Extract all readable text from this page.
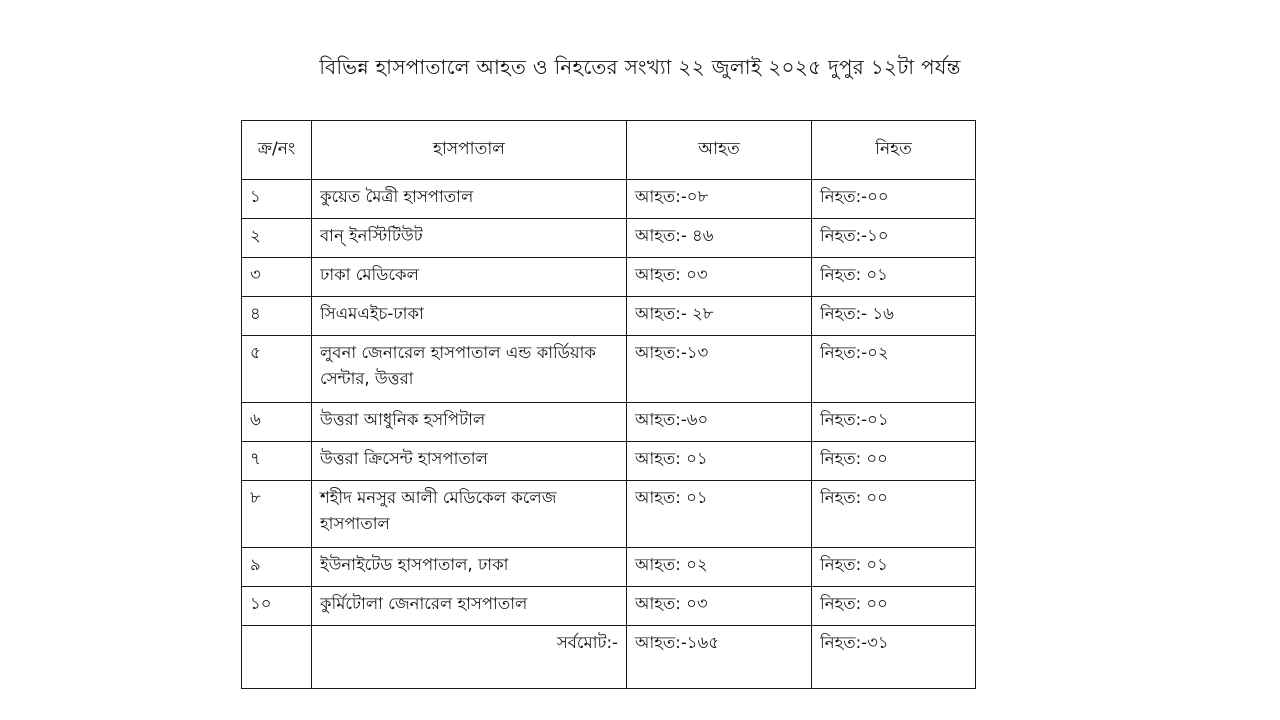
বিভিন্ন হাসপাতালে আহত ও নিহতের সংখ্যা ২২ জুলাই ২০২৫ দুপুর ১২টা পর্যন্ত
ক্র/নং	হাসপাতাল	আহত	নিহত
১	কুয়েত মৈত্রী হাসপাতাল	আহত:-০৮	নিহত:-০০
২	বান্ ইনস্টিটিউট	আহত:- ৪৬	নিহত:-১০
৩	ঢাকা মেডিকেল	আহত: ০৩	নিহত: ০১
৪	সিএমএইচ-ঢাকা	আহত:- ২৮	নিহত:- ১৬
৫	লুবনা জেনারেল হাসপাতাল এন্ড কার্ডিয়াক সেন্টার, উত্তরা	আহত:-১৩	নিহত:-০২
৬	উত্তরা আধুনিক হসপিটাল	আহত:-৬০	নিহত:-০১
৭	উত্তরা ক্রিসেন্ট হাসপাতাল	আহত: ০১	নিহত: ০০
৮	শহীদ মনসুর আলী মেডিকেল কলেজ হাসপাতাল	আহত: ০১	নিহত: ০০
৯	ইউনাইটেড হাসপাতাল, ঢাকা	আহত: ০২	নিহত: ০১
১০	কুর্মিটোলা জেনারেল হাসপাতাল	আহত: ০৩	নিহত: ০০
	সর্বমোট:-	আহত:-১৬৫	নিহত:-৩১
